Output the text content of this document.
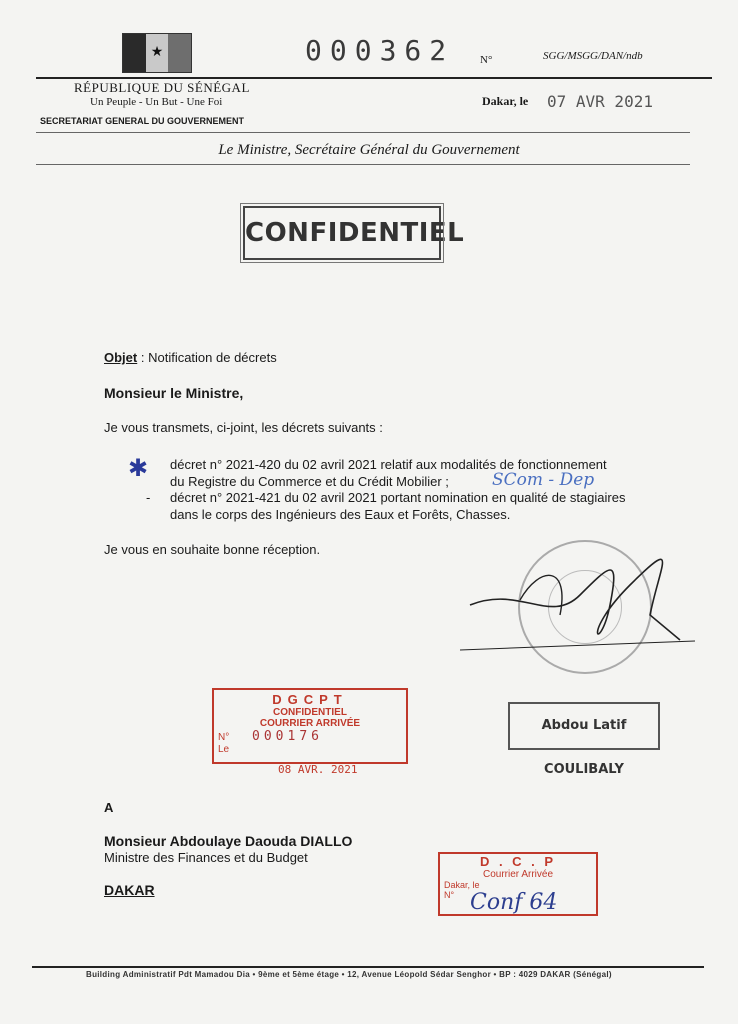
★	000362 N°	SGG/MSGG/DAN/ndb
RÉPUBLIQUE DU SÉNÉGAL
Un Peuple - Un But - Une Foi
SECRETARIAT GENERAL DU GOUVERNEMENT
Dakar, le 07 AVR 2021
Le Ministre, Secrétaire Général du Gouvernement
CONFIDENTIEL
Objet : Notification de décrets
Monsieur le Ministre,
Je vous transmets, ci-joint, les décrets suivants :
✱ décret n° 2021-420 du 02 avril 2021 relatif aux modalités de fonctionnement
du Registre du Commerce et du Crédit Mobilier ;	SCom - Dep
- décret n° 2021-421 du 02 avril 2021 portant nomination en qualité de stagiaires
dans le corps des Ingénieurs des Eaux et Forêts, Chasses.
Je vous en souhaite bonne réception.
Abdou Latif COULIBALY
DGCPT
CONFIDENTIEL
COURRIER ARRIVÉE
N° 000176
Le
08 AVR. 2021
A
Monsieur Abdoulaye Daouda DIALLO
Ministre des Finances et du Budget
DAKAR
D . C . P
Courrier Arrivée
Dakar, le
N° Conf 64
Building Administratif Pdt Mamadou Dia • 9ème et 5ème étage • 12, Avenue Léopold Sédar Senghor • BP : 4029 DAKAR (Sénégal)
